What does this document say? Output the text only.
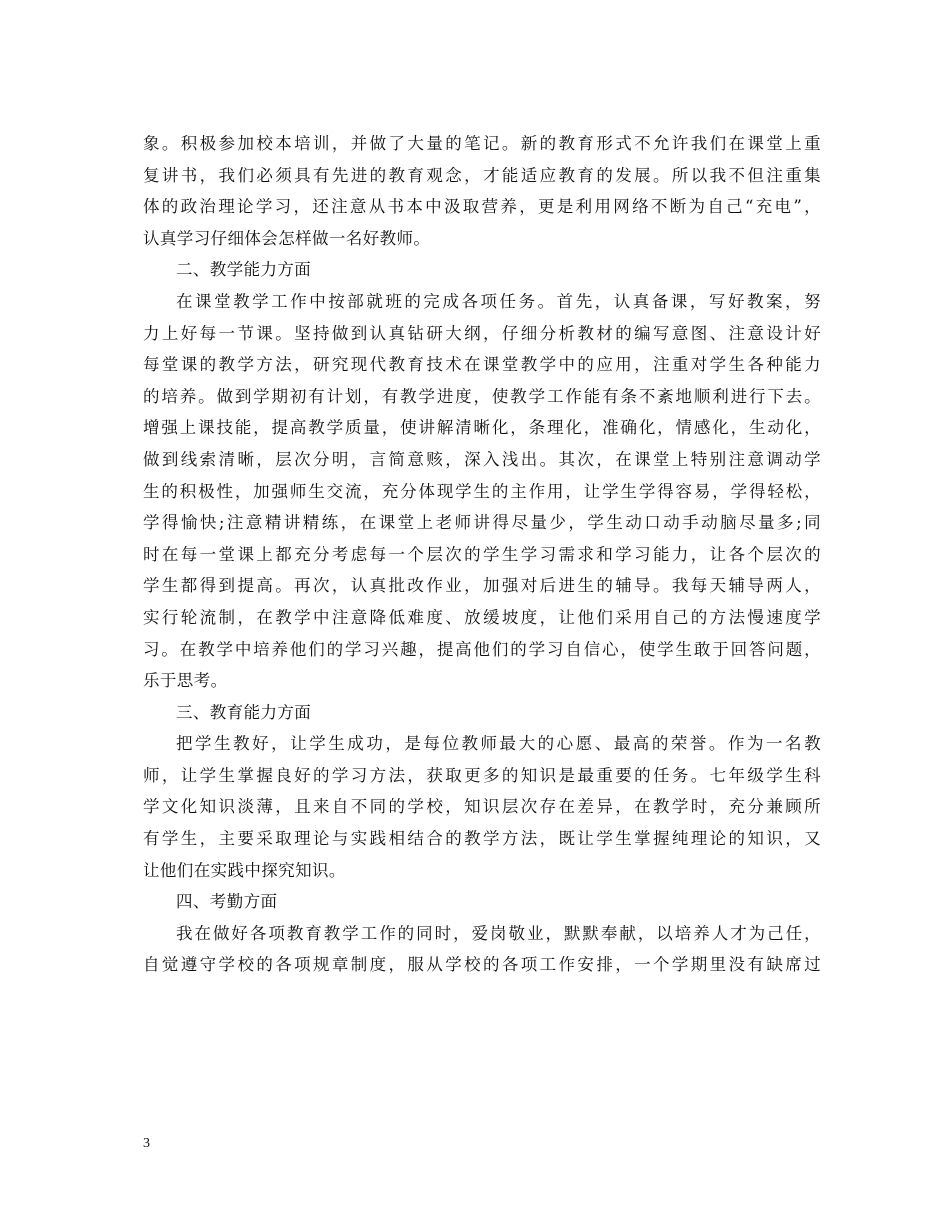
象。积极参加校本培训，并做了大量的笔记。新的教育形式不允许我们在课堂上重
复讲书，我们必须具有先进的教育观念，才能适应教育的发展。所以我不但注重集
体的政治理论学习，还注意从书本中汲取营养，更是利用网络不断为自己“充电”，
认真学习仔细体会怎样做一名好教师。
二、教学能力方面
在课堂教学工作中按部就班的完成各项任务。首先，认真备课，写好教案，努
力上好每一节课。坚持做到认真钻研大纲，仔细分析教材的编写意图、注意设计好
每堂课的教学方法，研究现代教育技术在课堂教学中的应用，注重对学生各种能力
的培养。做到学期初有计划，有教学进度，使教学工作能有条不紊地顺利进行下去。
增强上课技能，提高教学质量，使讲解清晰化，条理化，准确化，情感化，生动化，
做到线索清晰，层次分明，言简意赅，深入浅出。其次，在课堂上特别注意调动学
生的积极性，加强师生交流，充分体现学生的主作用，让学生学得容易，学得轻松，
学得愉快;注意精讲精练，在课堂上老师讲得尽量少，学生动口动手动脑尽量多;同
时在每一堂课上都充分考虑每一个层次的学生学习需求和学习能力，让各个层次的
学生都得到提高。再次，认真批改作业，加强对后进生的辅导。我每天辅导两人，
实行轮流制，在教学中注意降低难度、放缓坡度，让他们采用自己的方法慢速度学
习。在教学中培养他们的学习兴趣，提高他们的学习自信心，使学生敢于回答问题，
乐于思考。
三、教育能力方面
把学生教好，让学生成功，是每位教师最大的心愿、最高的荣誉。作为一名教
师，让学生掌握良好的学习方法，获取更多的知识是最重要的任务。七年级学生科
学文化知识淡薄，且来自不同的学校，知识层次存在差异，在教学时，充分兼顾所
有学生，主要采取理论与实践相结合的教学方法，既让学生掌握纯理论的知识，又
让他们在实践中探究知识。
四、考勤方面
我在做好各项教育教学工作的同时，爱岗敬业，默默奉献，以培养人才为己任，
自觉遵守学校的各项规章制度，服从学校的各项工作安排，一个学期里没有缺席过
3
